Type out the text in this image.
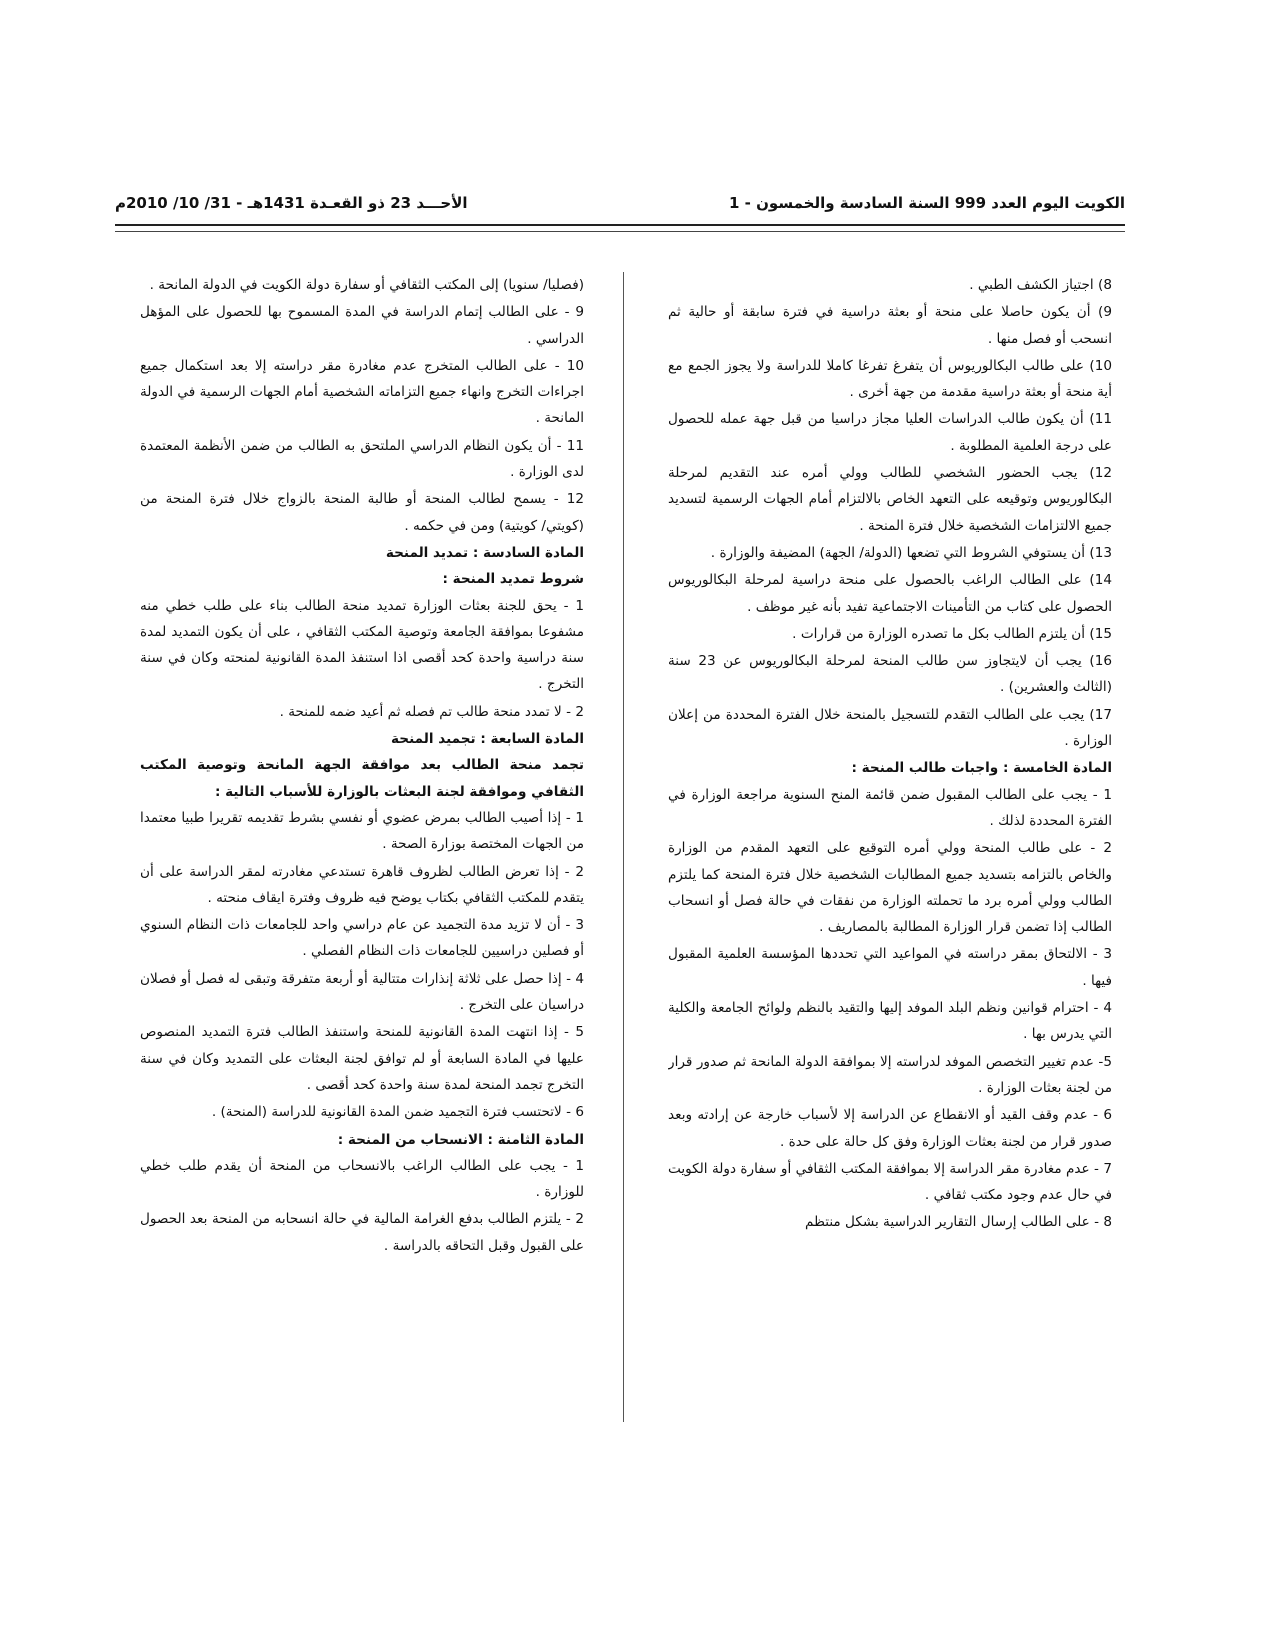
الكويت اليوم العدد 999 السنة السادسة والخمسون - 1
الأحـــد 23 ذو القعـدة 1431هـ - 31/ 10/ 2010م

8) اجتياز الكشف الطبي .

9) أن يكون حاصلا على منحة أو بعثة دراسية في فترة سابقة أو حالية ثم انسحب أو فصل منها .

10) على طالب البكالوريوس أن يتفرغ تفرغا كاملا للدراسة ولا يجوز الجمع مع أية منحة أو بعثة دراسية مقدمة من جهة أخرى .

11) أن يكون طالب الدراسات العليا مجاز دراسيا من قبل جهة عمله للحصول على درجة العلمية المطلوبة .

12) يجب الحضور الشخصي للطالب وولي أمره عند التقديم لمرحلة البكالوريوس وتوقيعه على التعهد الخاص بالالتزام أمام الجهات الرسمية لتسديد جميع الالتزامات الشخصية خلال فترة المنحة .

13) أن يستوفي الشروط التي تضعها (الدولة/ الجهة) المضيفة والوزارة .

14) على الطالب الراغب بالحصول على منحة دراسية لمرحلة البكالوريوس الحصول على كتاب من التأمينات الاجتماعية تفيد بأنه غير موظف .

15) أن يلتزم الطالب بكل ما تصدره الوزارة من قرارات .

16) يجب أن لايتجاوز سن طالب المنحة لمرحلة البكالوريوس عن 23 سنة (الثالث والعشرين) .

17) يجب على الطالب التقدم للتسجيل بالمنحة خلال الفترة المحددة من إعلان الوزارة .

المادة الخامسة : واجبات طالب المنحة :

1 - يجب على الطالب المقبول ضمن قائمة المنح السنوية مراجعة الوزارة في الفترة المحددة لذلك .

2 - على طالب المنحة وولي أمره التوقيع على التعهد المقدم من الوزارة والخاص بالتزامه بتسديد جميع المطالبات الشخصية خلال فترة المنحة كما يلتزم الطالب وولي أمره برد ما تحملته الوزارة من نفقات في حالة فصل أو انسحاب الطالب إذا تضمن قرار الوزارة المطالبة بالمصاريف .

3 - الالتحاق بمقر دراسته في المواعيد التي تحددها المؤسسة العلمية المقبول فيها .

4 - احترام قوانين ونظم البلد الموفد إليها والتقيد بالنظم ولوائح الجامعة والكلية التي يدرس بها .

5- عدم تغيير التخصص الموفد لدراسته إلا بموافقة الدولة المانحة ثم صدور قرار من لجنة بعثات الوزارة .

6 - عدم وقف القيد أو الانقطاع عن الدراسة إلا لأسباب خارجة عن إرادته وبعد صدور قرار من لجنة بعثات الوزارة وفق كل حالة على حدة .

7 - عدم مغادرة مقر الدراسة إلا بموافقة المكتب الثقافي أو سفارة دولة الكويت في حال عدم وجود مكتب ثقافي .

8 - على الطالب إرسال التقارير الدراسية بشكل منتظم

(فصليا/ سنويا) إلى المكتب الثقافي أو سفارة دولة الكويت في الدولة المانحة .

9 - على الطالب إتمام الدراسة في المدة المسموح بها للحصول على المؤهل الدراسي .

10 - على الطالب المتخرج عدم مغادرة مقر دراسته إلا بعد استكمال جميع اجراءات التخرج وانهاء جميع التزاماته الشخصية أمام الجهات الرسمية في الدولة المانحة .

11 - أن يكون النظام الدراسي الملتحق به الطالب من ضمن الأنظمة المعتمدة لدى الوزارة .

12 - يسمح لطالب المنحة أو طالبة المنحة بالزواج خلال فترة المنحة من (كويتي/ كويتية) ومن في حكمه .

المادة السادسة : تمديد المنحة

شروط تمديد المنحة :

1 - يحق للجنة بعثات الوزارة تمديد منحة الطالب بناء على طلب خطي منه مشفوعا بموافقة الجامعة وتوصية المكتب الثقافي ، على أن يكون التمديد لمدة سنة دراسية واحدة كحد أقصى اذا استنفذ المدة القانونية لمنحته وكان في سنة التخرج .

2 - لا تمدد منحة طالب تم فصله ثم أعيد ضمه للمنحة .

المادة السابعة : تجميد المنحة

تجمد منحة الطالب بعد موافقة الجهة المانحة وتوصية المكتب الثقافي وموافقة لجنة البعثات بالوزارة للأسباب التالية :

1 - إذا أصيب الطالب بمرض عضوي أو نفسي بشرط تقديمه تقريرا طبيا معتمدا من الجهات المختصة بوزارة الصحة .

2 - إذا تعرض الطالب لظروف قاهرة تستدعي مغادرته لمقر الدراسة على أن يتقدم للمكتب الثقافي بكتاب يوضح فيه ظروف وفترة ايقاف منحته .

3 - أن لا تزيد مدة التجميد عن عام دراسي واحد للجامعات ذات النظام السنوي أو فصلين دراسيين للجامعات ذات النظام الفصلي .

4 - إذا حصل على ثلاثة إنذارات متتالية أو أربعة متفرقة وتبقى له فصل أو فصلان دراسيان على التخرج .

5 - إذا انتهت المدة القانونية للمنحة واستنفذ الطالب فترة التمديد المنصوص عليها في المادة السابعة أو لم توافق لجنة البعثات على التمديد وكان في سنة التخرج تجمد المنحة لمدة سنة واحدة كحد أقصى .

6 - لاتحتسب فترة التجميد ضمن المدة القانونية للدراسة (المنحة) .

المادة الثامنة : الانسحاب من المنحة :

1 - يجب على الطالب الراغب بالانسحاب من المنحة أن يقدم طلب خطي للوزارة .

2 - يلتزم الطالب بدفع الغرامة المالية في حالة انسحابه من المنحة بعد الحصول على القبول وقبل التحاقه بالدراسة .
